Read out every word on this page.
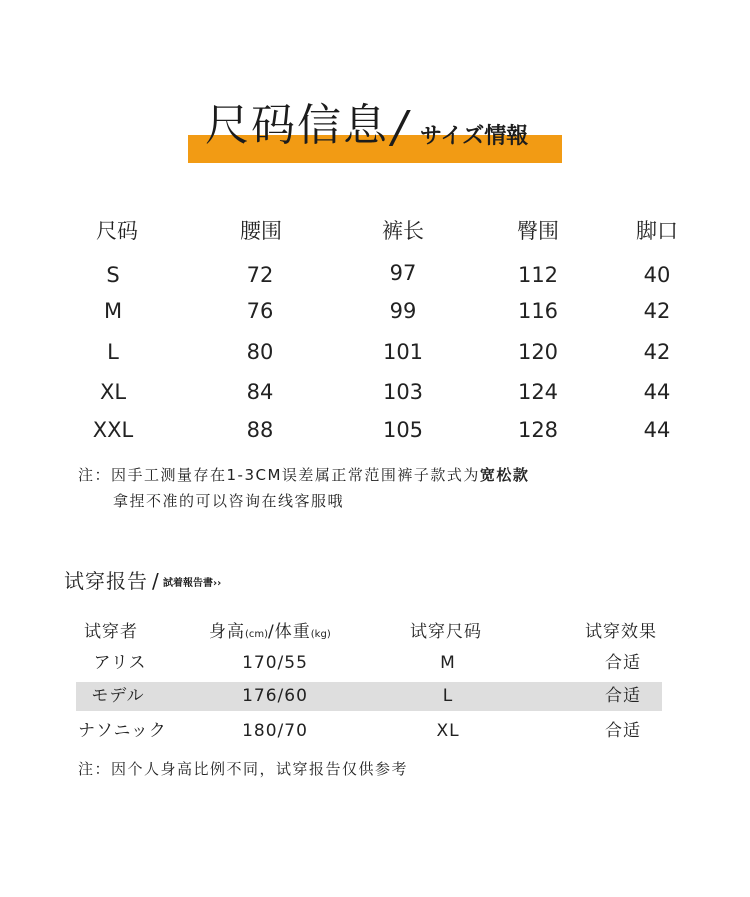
尺码信息 / サイズ情報
尺码	腰围	裤长	臀围	脚口
S	72	97	112	40
M	76	99	116	42
L	80	101	120	42
XL	84	103	124	44
XXL	88	105	128	44
注：因手工测量存在1-3CM误差属正常范围裤子款式为宽松款
拿捏不准的可以咨询在线客服哦
试穿报告 / 試着報告書››
试穿者	身高(cm)/体重(kg)	试穿尺码	试穿效果
アリス	170/55	M	合适
モデル	176/60	L	合适
ナソニック	180/70	XL	合适
注：因个人身高比例不同，试穿报告仅供参考
